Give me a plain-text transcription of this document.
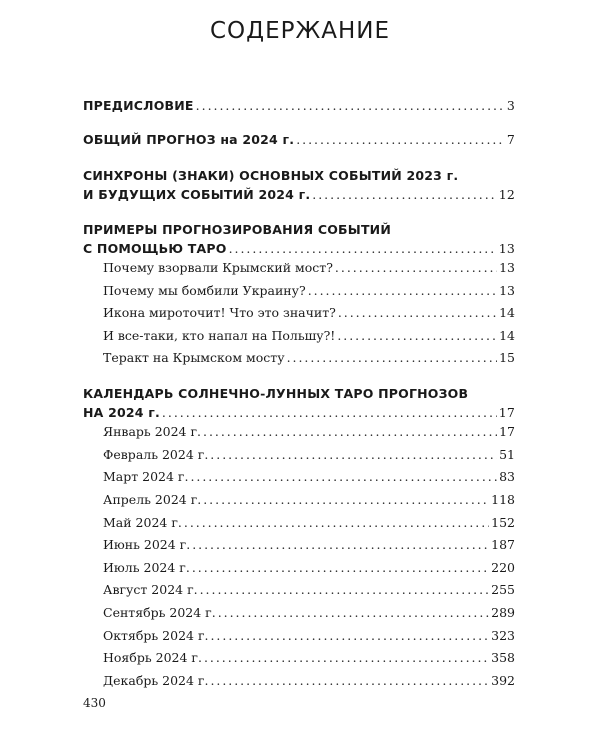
СОДЕРЖАНИЕ
ПРЕДИСЛОВИЕ . . .	3
ОБЩИЙ ПРОГНОЗ на 2024 г. . . .	7
СИНХРОНЫ (ЗНАКИ) ОСНОВНЫХ СОБЫТИЙ 2023 г.
И БУДУЩИХ СОБЫТИЙ 2024 г. . . .	12
ПРИМЕРЫ ПРОГНОЗИРОВАНИЯ СОБЫТИЙ
С ПОМОЩЬЮ ТАРО . . .	13
Почему взорвали Крымский мост? . . .	13
Почему мы бомбили Украину? . . .	13
Икона мироточит! Что это значит? . . .	14
И все-таки, кто напал на Польшу?! . . .	14
Теракт на Крымском мосту . . .	15
КАЛЕНДАРЬ СОЛНЕЧНО-ЛУННЫХ ТАРО ПРОГНОЗОВ
НА 2024 г. . . .	17
Январь 2024 г. . . .	17
Февраль 2024 г. . . .	51
Март 2024 г. . . .	83
Апрель 2024 г. . . .	118
Май 2024 г. . . .	152
Июнь 2024 г. . . .	187
Июль 2024 г. . . .	220
Август 2024 г. . . .	255
Сентябрь 2024 г. . . .	289
Октябрь 2024 г. . . .	323
Ноябрь 2024 г. . . .	358
Декабрь 2024 г. . . .	392
430
